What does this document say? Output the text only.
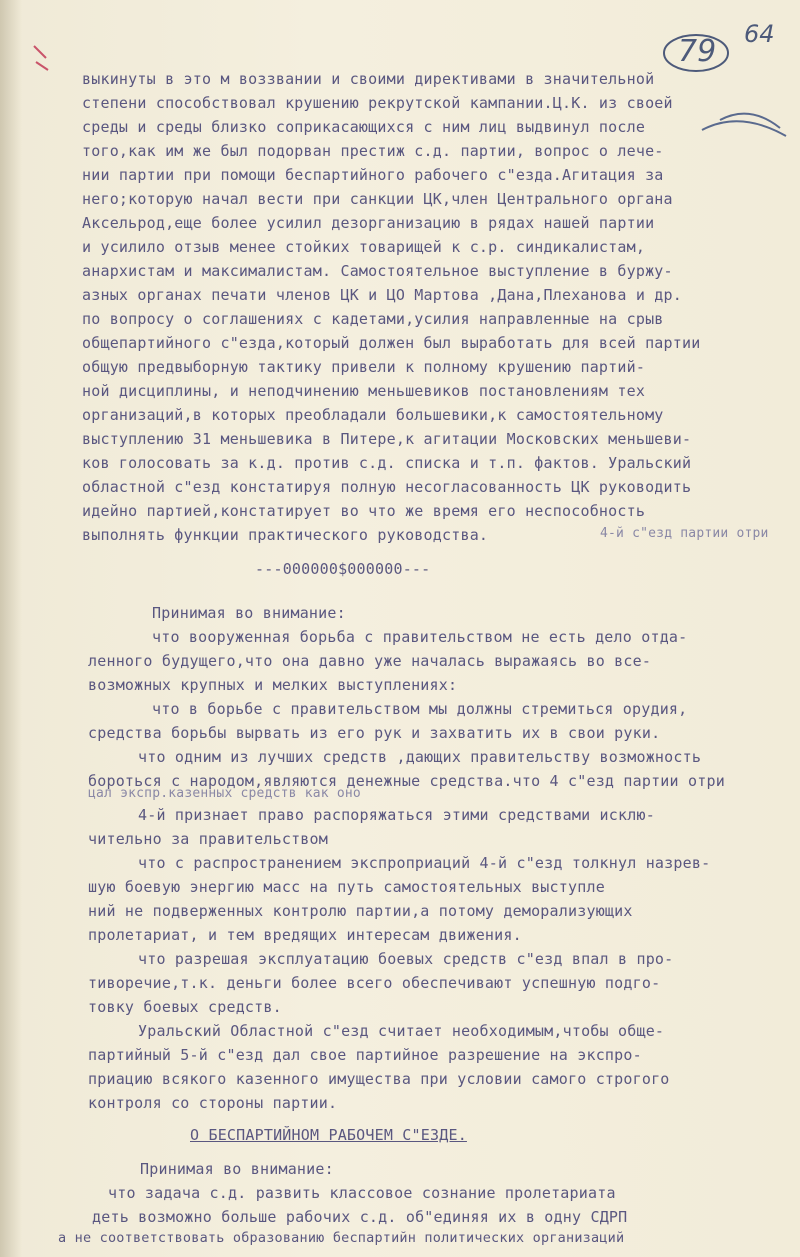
79 64
выкинуты в это м воззвании и своими директивами в значительной
степени способствовал крушению рекрутской кампании.Ц.К. из своей
среды и среды близко соприкасающихся с ним лиц выдвинул после
того,как им же был подорван престиж с.д. партии, вопрос о лече-
нии партии при помощи беспартийного рабочего с"езда.Агитация за
него;которую начал вести при санкции ЦК,член Центрального органа
Аксельрод,еще более усилил дезорганизацию в рядах нашей партии
и усилило отзыв менее стойких товарищей к с.р. синдикалистам,
анархистам и максималистам. Самостоятельное выступление в буржу-
азных органах печати членов ЦК и ЦО Мартова ,Дана,Плеханова и др.
по вопросу о соглашениях с кадетами,усилия направленные на срыв
общепартийного с"езда,который должен был выработать для всей партии
общую предвыборную тактику привели к полному крушению партий-
ной дисциплины, и неподчинению меньшевиков постановлениям тех
организаций,в которых преобладали большевики,к самостоятельному
выступлению 31 меньшевика в Питере,к агитации Московских меньшеви-
ков голосовать за к.д. против с.д. списка и т.п. фактов. Уральский
областной с"езд констатируя полную несогласованность ЦК руководить
идейно партией,констатирует во что же время его неспособность
выполнять функции практического руководства.	4-й с"езд партии отри
---000000$000000---
Принимая во внимание:
что вооруженная борьба с правительством не есть дело отда-
ленного будущего,что она давно уже началась выражаясь во все-
возможных крупных и мелких выступлениях:
что в борьбе с правительством мы должны стремиться орудия,
средства борьбы вырвать из его рук и захватить их в свои руки.
что одним из лучших средств ,дающих правительству возможность
бороться с народом,являются денежные средства.что 4 с"езд партии отри
цал экспр.казенных средств как оно
4-й признает право распоряжаться этими средствами исклю-
чительно за правительством
что с распространением экспроприаций 4-й с"езд толкнул назрев-
шую боевую энергию масс на путь самостоятельных выступле
ний не подверженных контролю партии,а потому деморализующих
пролетариат, и тем вредящих интересам движения.
что разрешая эксплуатацию боевых средств с"езд впал в про-
тиворечие,т.к. деньги более всего обеспечивают успешную подго-
товку боевых средств.
Уральский Областной с"езд считает необходимым,чтобы обще-
партийный 5-й с"езд дал свое партийное разрешение на экспро-
приацию всякого казенного имущества при условии самого строгого
контроля со стороны партии.
О БЕСПАРТИЙНОМ РАБОЧЕМ С"ЕЗДЕ.
Принимая во внимание:
что задача с.д. развить классовое сознание пролетариата
деть возможно больше рабочих с.д. об"единяя их в одну СДРП
а не соответствовать образованию беспартийн политических организаций
